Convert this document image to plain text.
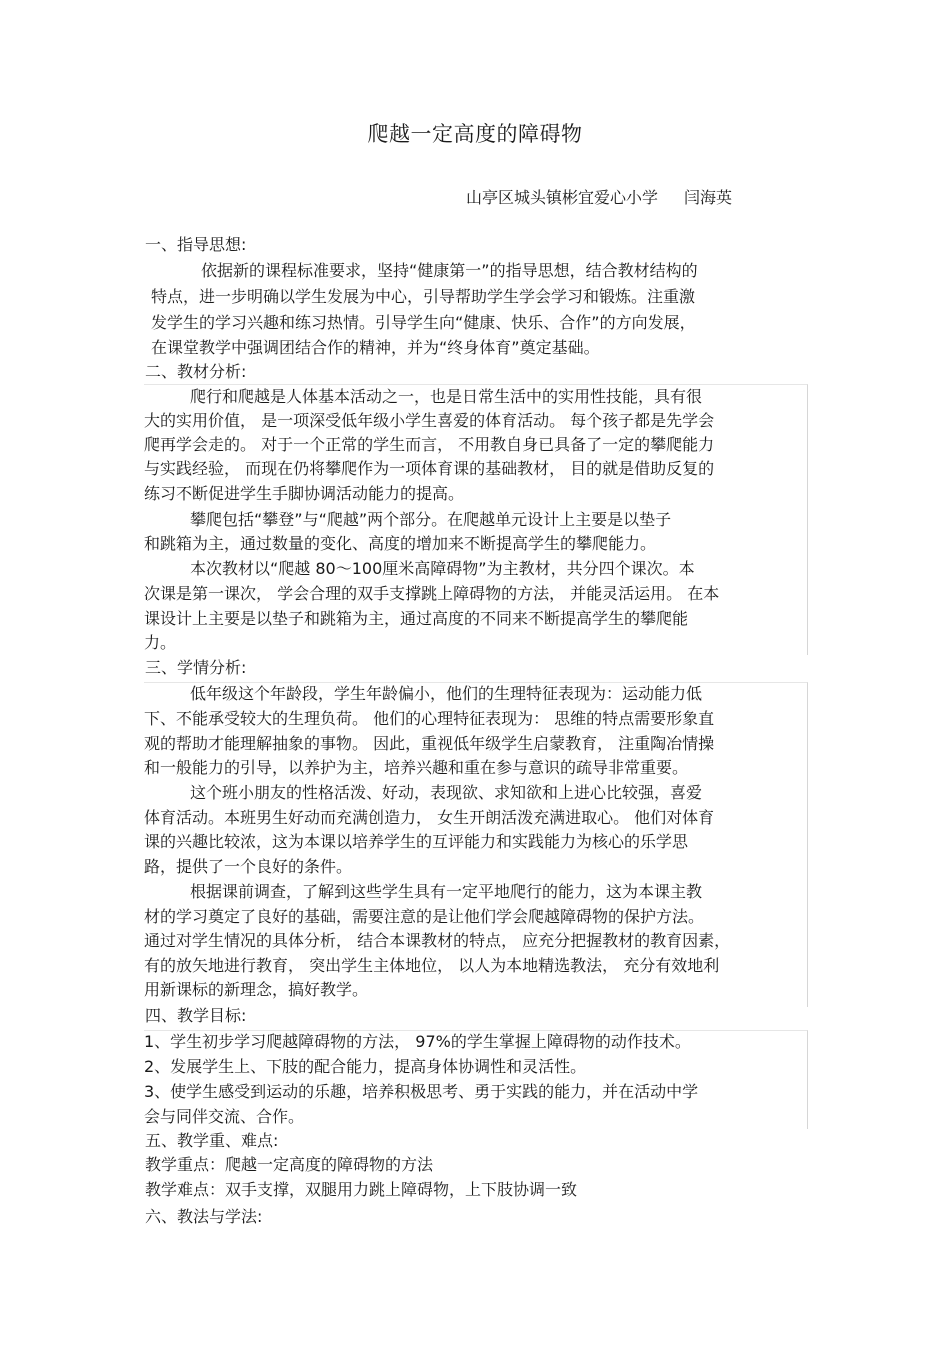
爬越一定高度的障碍物
山亭区城头镇彬宜爱心小学 闫海英
一、指导思想:
依据新的课程标准要求，坚持“健康第一”的指导思想，结合教材结构的
特点，进一步明确以学生发展为中心，引导帮助学生学会学习和锻炼。注重激
发学生的学习兴趣和练习热情。引导学生向“健康、快乐、合作”的方向发展，
在课堂教学中强调团结合作的精神，并为“终身体育”奠定基础。
二、教材分析:
爬行和爬越是人体基本活动之一，也是日常生活中的实用性技能，具有很
大的实用价值， 是一项深受低年级小学生喜爱的体育活动。 每个孩子都是先学会
爬再学会走的。 对于一个正常的学生而言， 不用教自身已具备了一定的攀爬能力
与实践经验， 而现在仍将攀爬作为一项体育课的基础教材， 目的就是借助反复的
练习不断促进学生手脚协调活动能力的提高。
攀爬包括“攀登”与“爬越”两个部分。在爬越单元设计上主要是以垫子
和跳箱为主，通过数量的变化、高度的增加来不断提高学生的攀爬能力。
本次教材以“爬越 80～100厘米高障碍物”为主教材，共分四个课次。本
次课是第一课次， 学会合理的双手支撑跳上障碍物的方法， 并能灵活运用。 在本
课设计上主要是以垫子和跳箱为主，通过高度的不同来不断提高学生的攀爬能
力。
三、学情分析:
低年级这个年龄段，学生年龄偏小，他们的生理特征表现为：运动能力低
下、不能承受较大的生理负荷。 他们的心理特征表现为： 思维的特点需要形象直
观的帮助才能理解抽象的事物。 因此，重视低年级学生启蒙教育， 注重陶冶情操
和一般能力的引导，以养护为主，培养兴趣和重在参与意识的疏导非常重要。
这个班小朋友的性格活泼、好动，表现欲、求知欲和上进心比较强，喜爱
体育活动。本班男生好动而充满创造力， 女生开朗活泼充满进取心。 他们对体育
课的兴趣比较浓，这为本课以培养学生的互评能力和实践能力为核心的乐学思
路，提供了一个良好的条件。
根据课前调查，了解到这些学生具有一定平地爬行的能力，这为本课主教
材的学习奠定了良好的基础，需要注意的是让他们学会爬越障碍物的保护方法。
通过对学生情况的具体分析， 结合本课教材的特点， 应充分把握教材的教育因素，
有的放矢地进行教育， 突出学生主体地位， 以人为本地精选教法， 充分有效地利
用新课标的新理念，搞好教学。
四、教学目标:
1、学生初步学习爬越障碍物的方法， 97%的学生掌握上障碍物的动作技术。
2、发展学生上、下肢的配合能力，提高身体协调性和灵活性。
3、使学生感受到运动的乐趣，培养积极思考、勇于实践的能力，并在活动中学
会与同伴交流、合作。
五、教学重、难点:
教学重点：爬越一定高度的障碍物的方法
教学难点：双手支撑，双腿用力跳上障碍物，上下肢协调一致
六、教法与学法:
